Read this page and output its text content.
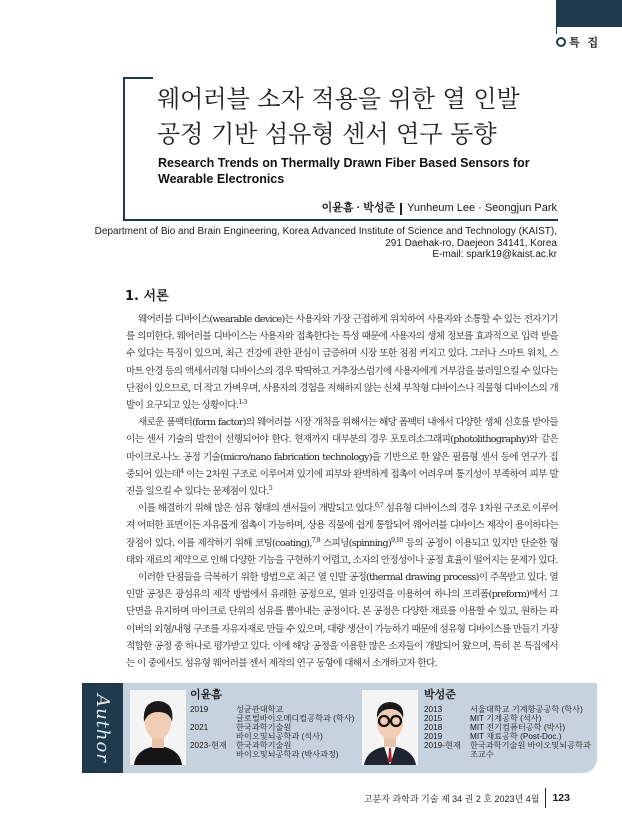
특 집
웨어러블 소자 적용을 위한 열 인발
공정 기반 섬유형 센서 연구 동향
Research Trends on Thermally Drawn Fiber Based Sensors for
Wearable Electronics
이윤흠 · 박성준 Yunheum Lee · Seongjun Park
Department of Bio and Brain Engineering, Korea Advanced Institute of Science and Technology (KAIST),
291 Daehak-ro, Daejeon 34141, Korea
E-mail: spark19@kaist.ac.kr
1. 서론

웨어러블 디바이스(wearable device)는 사용자와 가장 근접하게 위치하여 사용자와 소통할 수 있는 전자기기를 의미한다. 웨어러블 디바이스는 사용자와 접촉한다는 특성 때문에 사용자의 생체 정보를 효과적으로 입력 받을 수 있다는 특징이 있으며, 최근 건강에 관한 관심이 급증하며 시장 또한 점점 커지고 있다. 그러나 스마트 워치, 스마트 안경 등의 액세서리형 디바이스의 경우 딱딱하고 거추장스럽기에 사용자에게 거부감을 불러일으킬 수 있다는 단점이 있으므로, 더 작고 가벼우며, 사용자의 경험을 저해하지 않는 신체 부착형 디바이스나 직물형 디바이스의 개발이 요구되고 있는 상황이다.$^{1-3}$

새로운 폼팩터(form factor)의 웨어러블 시장 개척을 위해서는 해당 폼팩터 내에서 다양한 생체 신호를 받아들이는 센서 기술의 발전이 선행되어야 한다. 현재까지 대부분의 경우 포토리소그래피(photolithography)와 같은 마이크로-나노 공정 기술(micro/nano fabrication technology)을 기반으로 한 얇은 필름형 센서 등에 연구가 집중되어 있는데$^4$ 이는 2차원 구조로 이루어져 있기에 피부와 완벽하게 접촉이 어려우며 통기성이 부족하여 피부 발진을 일으킬 수 있다는 문제점이 있다.$^5$

이를 해결하기 위해 많은 섬유 형태의 센서들이 개발되고 있다.$^{6,7}$ 섬유형 디바이스의 경우 1차원 구조로 이루어져 어떠한 표면이든 자유롭게 접촉이 가능하며, 상용 직물에 쉽게 통합되어 웨어러블 디바이스 제작이 용이하다는 장점이 있다. 이를 제작하기 위해 코팅(coating),$^{7,8}$ 스피닝(spinning)$^{9,10}$ 등의 공정이 이용되고 있지만 단순한 형태와 재료의 제약으로 인해 다양한 기능을 구현하기 어렵고, 소자의 안정성이나 공정 효율이 떨어지는 문제가 있다.

이러한 단점들을 극복하기 위한 방법으로 최근 열 인발 공정(thermal drawing process)이 주목받고 있다. 열 인발 공정은 광섬유의 제작 방법에서 유래한 공정으로, 열과 인장력을 이용하여 하나의 프리폼(preform)에서 그 단면을 유지하며 마이크로 단위의 섬유를 뽑아내는 공정이다. 본 공정은 다양한 재료를 이용할 수 있고, 원하는 파이버의 외형/내형 구조를 자유자재로 만들 수 있으며, 대량 생산이 가능하기 때문에 섬유형 디바이스를 만들기 가장 적합한 공정 중 하나로 평가받고 있다. 이에 해당 공정을 이용한 많은 소자들이 개발되어 왔으며, 특히 본 특집에서는 이 중에서도 섬유형 웨어러블 센서 제작의 연구 동향에 대해서 소개하고자 한다.

Author	이윤흠
2019	성균관대학교
글로벌바이오메디컬공학과 (학사)

2021	한국과학기술원
바이오및뇌공학과 (석사)

2023-현재	한국과학기술원
바이오및뇌공학과 (박사과정)
박성준
2013	서울대학교 기계항공공학 (학사)

2015	MIT 기계공학 (석사)

2018	MIT 전기컴퓨터공학 (박사)

2019	MIT 재료공학 (Post-Doc.)

2019-현재	한국과학기술원 바이오및뇌공학과
조교수
고분자 과학과 기술 제 34 권 2 호 2023년 4월 123
